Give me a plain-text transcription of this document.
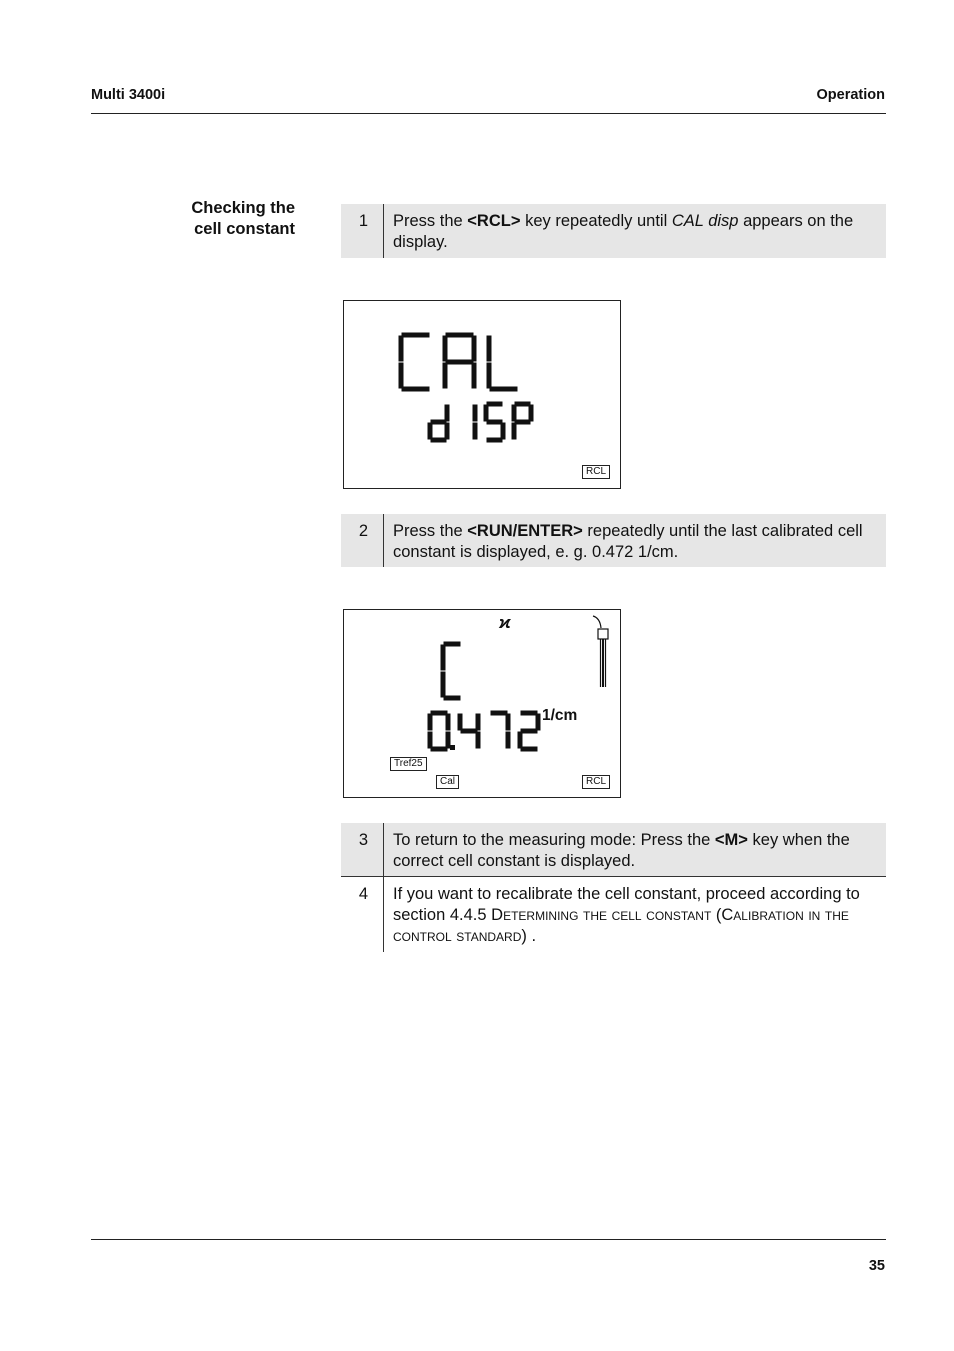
Multi 3400i	Operation
Checking the
cell constant	1	Press the <RCL> key repeatedly until CAL disp appears on the display.
RCL
2	Press the <RUN/ENTER> repeatedly until the last calibrated cell constant is displayed, e. g. 0.472 1/cm.
ϰ
1/cm
Tref25
Cal	RCL
3	To return to the measuring mode: Press the <M> key when the correct cell constant is displayed.
4	If you want to recalibrate the cell constant, proceed according to section 4.4.5 Determining the cell constant (Calibration in the control standard) .
35
